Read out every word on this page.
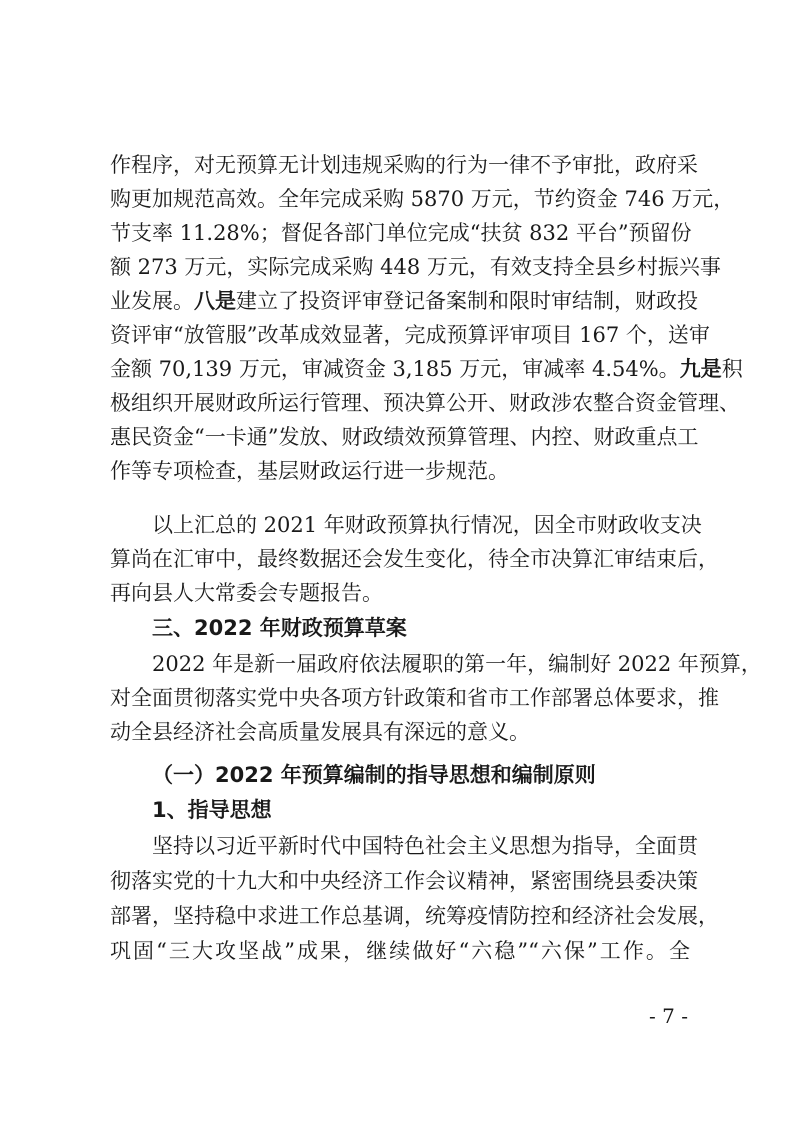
作程序，对无预算无计划违规采购的行为一律不予审批，政府采
购更加规范高效。全年完成采购 5870 万元，节约资金 746 万元，
节支率 11.28%；督促各部门单位完成“扶贫 832 平台”预留份
额 273 万元，实际完成采购 448 万元，有效支持全县乡村振兴事
业发展。 八是 建立了投资评审登记备案制和限时审结制，财政投
资评审“放管服”改革成效显著，完成预算评审项目 167 个，送审
金额 70,139 万元，审减资金 3,185 万元，审减率 4.54%。 九是 积
极组织开展财政所运行管理、预决算公开、财政涉农整合资金管理、
惠民资金“一卡通”发放、财政绩效预算管理、内控、财政重点工
作等专项检查，基层财政运行进一步规范。
以上汇总的 2021 年财政预算执行情况，因全市财政收支决
算尚在汇审中，最终数据还会发生变化，待全市决算汇审结束后，
再向县人大常委会专题报告。
三、2022 年财政预算草案
2022 年是新一届政府依法履职的第一年，编制好 2022 年预算，
对全面贯彻落实党中央各项方针政策和省市工作部署总体要求，推
动全县经济社会高质量发展具有深远的意义。
（一）2022 年预算编制的指导思想和编制原则
1、指导思想
坚持以习近平新时代中国特色社会主义思想为指导，全面贯
彻落实党的十九大和中央经济工作会议精神，紧密围绕县委决策
部署，坚持稳中求进工作总基调，统筹疫情防控和经济社会发展，
巩固“三大攻坚战”成果，继续做好“六稳”“六保”工作。全
- 7 -
